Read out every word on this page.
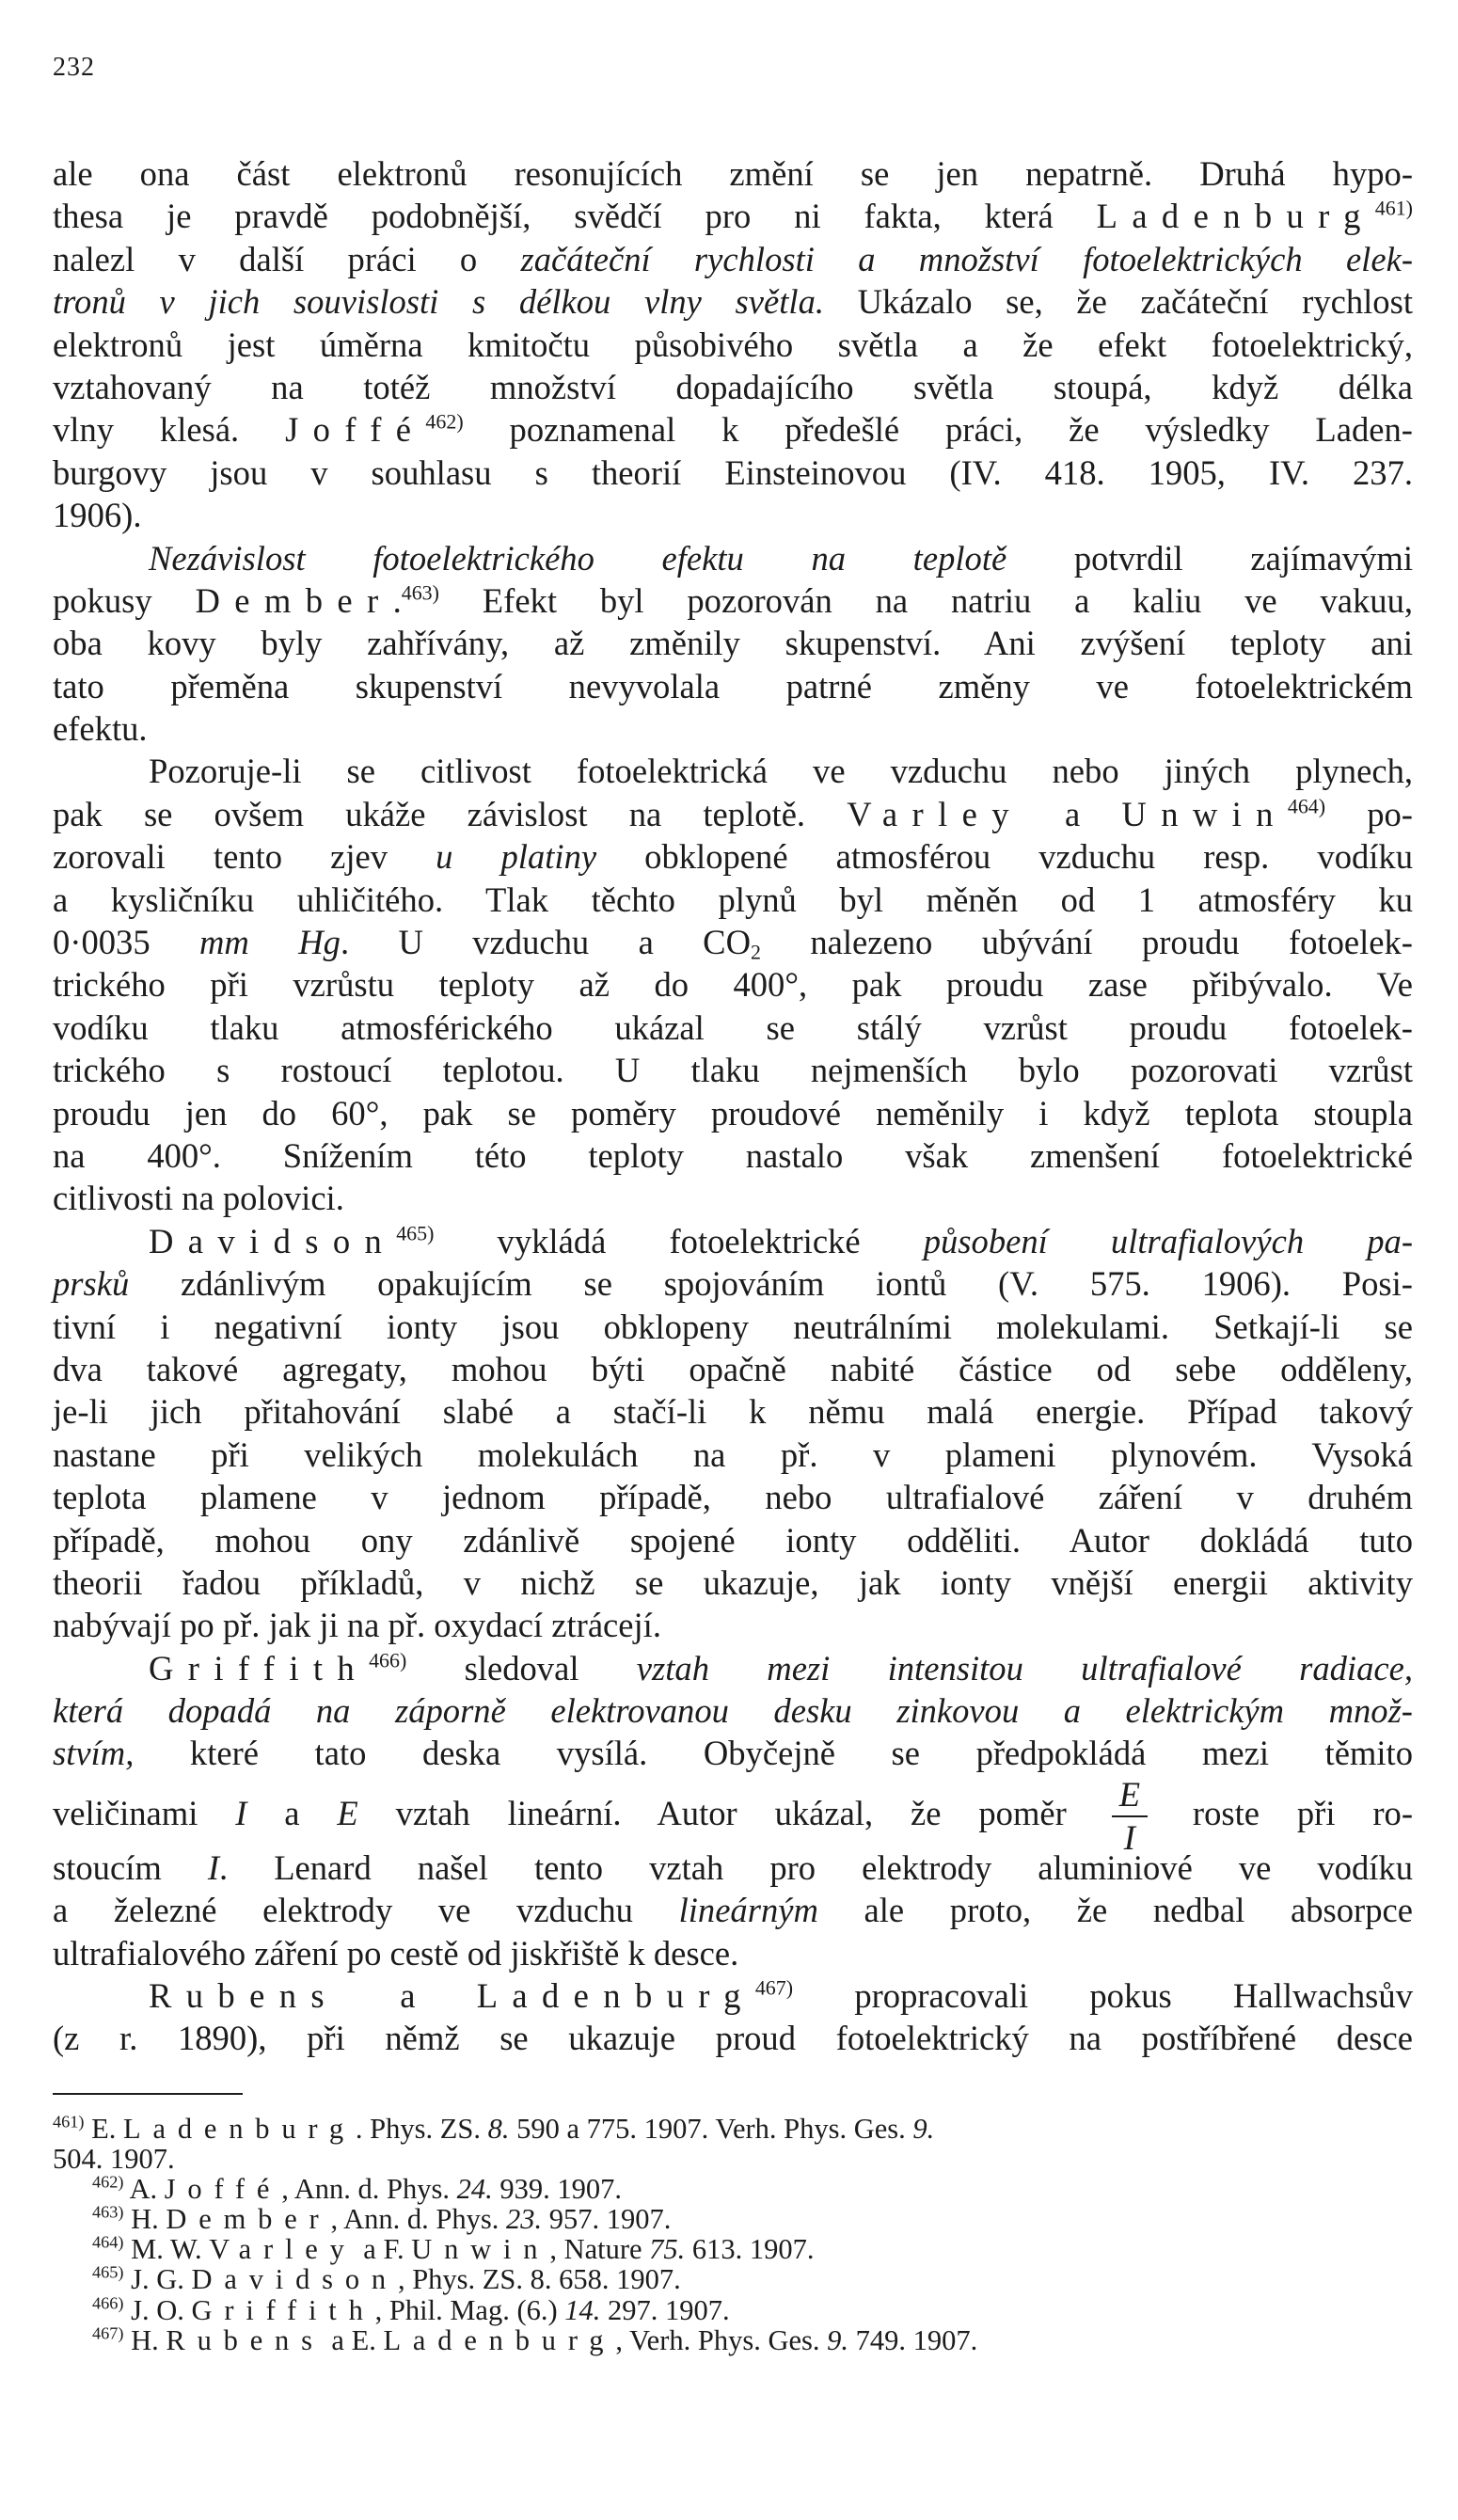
232
ale ona část elektronů resonujících změní se jen nepatrně. Druhá hypo-
thesa je pravdě podobnější, svědčí pro ni fakta, která Ladenburg$^{461)}$
nalezl v další práci o začáteční rychlosti a množství fotoelektrických elek-
tronů v jich souvislosti s délkou vlny světla. Ukázalo se, že začáteční rychlost
elektronů jest úměrna kmitočtu působivého světla a že efekt fotoelektrický,
vztahovaný na totéž množství dopadajícího světla stoupá, když délka
vlny klesá. Joffé$^{462)}$ poznamenal k předešlé práci, že výsledky Laden-
burgovy jsou v souhlasu s theorií Einsteinovou (IV. 418. 1905, IV. 237.
1906).
Nezávislost fotoelektrického efektu na teplotě potvrdil zajímavými
pokusy Dember.$^{463)}$ Efekt byl pozorován na natriu a kaliu ve vakuu,
oba kovy byly zahřívány, až změnily skupenství. Ani zvýšení teploty ani
tato přeměna skupenství nevyvolala patrné změny ve fotoelektrickém
efektu.
Pozoruje-li se citlivost fotoelektrická ve vzduchu nebo jiných plynech,
pak se ovšem ukáže závislost na teplotě. Varley a Unwin$^{464)}$ po-
zorovali tento zjev u platiny obklopené atmosférou vzduchu resp. vodíku
a kysličníku uhličitého. Tlak těchto plynů byl měněn od 1 atmosféry ku
0·0035 mm Hg. U vzduchu a $CO_2$ nalezeno ubývání proudu fotoelek-
trického při vzrůstu teploty až do 400°, pak proudu zase přibývalo. Ve
vodíku tlaku atmosférického ukázal se stálý vzrůst proudu fotoelek-
trického s rostoucí teplotou. U tlaku nejmenších bylo pozorovati vzrůst
proudu jen do 60°, pak se poměry proudové neměnily i když teplota stoupla
na 400°. Snížením této teploty nastalo však zmenšení fotoelektrické
citlivosti na polovici.
Davidson$^{465)}$ vykládá fotoelektrické působení ultrafialových pa-
prsků zdánlivým opakujícím se spojováním iontů (V. 575. 1906). Posi-
tivní i negativní ionty jsou obklopeny neutrálními molekulami. Setkají-li se
dva takové agregaty, mohou býti opačně nabité částice od sebe odděleny,
je-li jich přitahování slabé a stačí-li k němu malá energie. Případ takový
nastane při velikých molekulách na př. v plameni plynovém. Vysoká
teplota plamene v jednom případě, nebo ultrafialové záření v druhém
případě, mohou ony zdánlivě spojené ionty odděliti. Autor dokládá tuto
theorii řadou příkladů, v nichž se ukazuje, jak ionty vnější energii aktivity
nabývají po př. jak ji na př. oxydací ztrácejí.
Griffith$^{466)}$ sledoval vztah mezi intensitou ultrafialové radiace,
která dopadá na záporně elektrovanou desku zinkovou a elektrickým množ-
stvím, které tato deska vysílá. Obyčejně se předpokládá mezi těmito
veličinami I a E vztah lineární. Autor ukázal, že poměr $\frac{E}{I}$ roste při ro-
stoucím I. Lenard našel tento vztah pro elektrody aluminiové ve vodíku
a železné elektrody ve vzduchu lineárným ale proto, že nedbal absorpce
ultrafialového záření po cestě od jiskřiště k desce.
Rubens a Ladenburg$^{467)}$ propracovali pokus Hallwachsův
(z r. 1890), při němž se ukazuje proud fotoelektrický na postříbřené desce
$^{461)}$ E. Ladenburg. Phys. ZS. 8. 590 a 775. 1907. Verh. Phys. Ges. 9.
504. 1907.
$^{462)}$ A. Joffé, Ann. d. Phys. 24. 939. 1907.
$^{463)}$ H. Dember, Ann. d. Phys. 23. 957. 1907.
$^{464)}$ M. W. Varley a F. Unwin, Nature 75. 613. 1907.
$^{465)}$ J. G. Davidson, Phys. ZS. 8. 658. 1907.
$^{466)}$ J. O. Griffith, Phil. Mag. (6.) 14. 297. 1907.
$^{467)}$ H. Rubens a E. Ladenburg, Verh. Phys. Ges. 9. 749. 1907.
